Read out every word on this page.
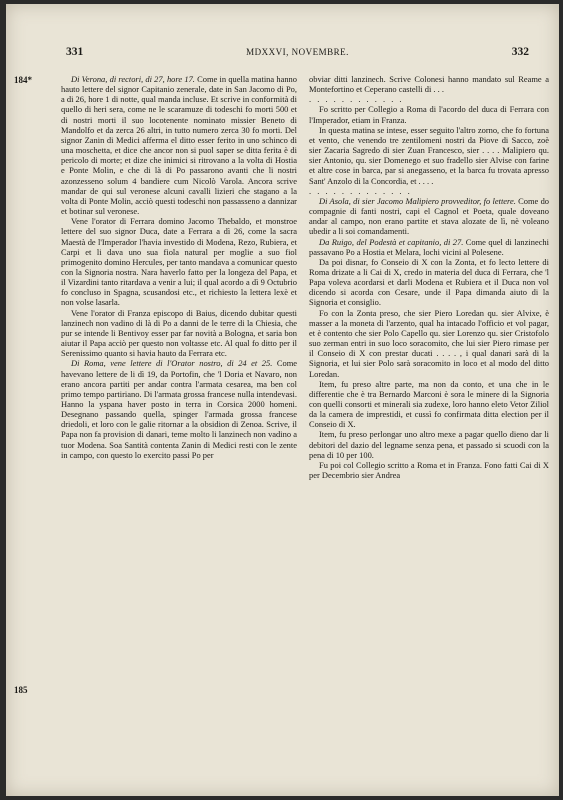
331	MDXXVI, NOVEMBRE.	332
184*
185

Di Verona, di rectori, di 27, hore 17. Come in quella matina hanno hauto lettere del signor Capitanio zenerale, date in San Jacomo di Po, a di 26, hore 1 di notte, qual manda incluse. Et scrive in conformità di quello di heri sera, come ne le scaramuze di todeschi fo morti 500 et di nostri morti il suo locotenente nominato missier Beneto di Mandolfo et da zerca 26 altri, in tutto numero zerca 30 fo morti. Del signor Zanin di Medici afferma el ditto esser ferito in uno schinco di una moschetta, et dice che ancor non si puol saper se ditta ferita è di pericolo di morte; et dize che inimici si ritrovano a la volta di Hostia e Ponte Molin, e che di là di Po passarono avanti che li nostri azonzesseno solum 4 bandiere cum Nicolò Varola. Ancora scrive mandar de qui sul veronese alcuni cavalli lizieri che stagano a la volta di Ponte Molin, acciò questi todeschi non passasseno a dannizar et botinar sul veronese.

Vene l'orator di Ferrara domino Jacomo Thebaldo, et monstroe lettere del suo signor Duca, date a Ferrara a dì 26, come la sacra Maestà de l'Imperador l'havia investido di Modena, Rezo, Rubiera, et Carpi et li dava uno sua fiola natural per moglie a suo fiol primogenito domino Hercules, per tanto mandava a comunicar questo con la Signoria nostra. Nara haverlo fatto per la longeza del Papa, et il Vizardini tanto ritardava a venir a lui; il qual acordo a dì 9 Octubrio fo concluso in Spagna, scusandosi etc., et richiesto la lettera lexè et non volse lasarla.

Vene l'orator di Franza episcopo di Baius, dicendo dubitar questi lanzinech non vadino di là di Po a danni de le terre di la Chiesia, che pur se intende li Bentivoy esser par far novità a Bologna, et saria bon aiutar il Papa acciò per questo non voltasse etc. Al qual fo ditto per il Serenissimo quanto si havia hauto da Ferrara etc.

Di Roma, vene lettere di l'Orator nostro, di 24 et 25. Come havevano lettere de li dì 19, da Portofin, che 'l Doria et Navaro, non erano ancora partiti per andar contra l'armata cesarea, ma ben col primo tempo partiriano. Di l'armata grossa francese nulla intendevasi. Hanno la yspana haver posto in terra in Corsica 2000 homeni. Desegnano passando quella, spinger l'armada grossa francese driedoli, et loro con le galie ritornar a la obsidion di Zenoa. Scrive, il Papa non fa provision di danari, teme molto li lanzinech non vadino a tuor Modena. Soa Santità contenta Zanin di Medici resti con le zente in campo, con questo lo exercito passi Po per

obviar ditti lanzinech. Scrive Colonesi hanno mandato sul Reame a Montefortino et Ceperano castelli di . . .
. . . . . . . . . . . .

Fo scritto per Collegio a Roma di l'acordo del duca di Ferrara con l'Imperador, etiam in Franza.

In questa matina se intese, esser seguito l'altro zorno, che fo fortuna et vento, che venendo tre zentilomeni nostri da Piove di Sacco, zoè sier Zacaria Sagredo di sier Zuan Francesco, sier . . . . Malipiero qu. sier Antonio, qu. sier Domenego et suo fradello sier Alvise con farine et altre cose in barca, par si anegasseno, et la barca fu trovata apresso Sant' Anzolo di la Concordia, et . . . .
. . . . . . . . . . . . .

Di Asola, di sier Jacomo Malipiero provveditor, fo lettere. Come do compagnie di fanti nostri, capi el Cagnol et Poeta, quale doveano andar al campo, non erano partite et stava alozate de lì, nè voleano ubedir a li soi comandamenti.

Da Ruigo, del Podestà et capitanio, di 27. Come quel di lanzinechi passavano Po a Hostia et Melara, lochi vicini al Polesene.

Da poi disnar, fo Conseio di X con la Zonta, et fo lecto lettere di Roma drizate a li Cai di X, credo in materia del duca di Ferrara, che 'l Papa voleva acordarsi et darli Modena et Rubiera et il Duca non vol dicendo si acorda con Cesare, unde il Papa dimanda aiuto di la Signoria et consiglio.

Fo con la Zonta preso, che sier Piero Loredan qu. sier Alvixe, è masser a la moneta di l'arzento, qual ha intacado l'officio et vol pagar, et è contento che sier Polo Capello qu. sier Lorenzo qu. sier Cristofolo suo zerman entri in suo loco soracomito, che lui sier Piero rimase per il Conseio di X con prestar ducati . . . . , i qual danari sarà di la Signoria, et lui sier Polo sarà soracomito in loco et al modo del ditto Loredan.

Item, fu preso altre parte, ma non da conto, et una che in le differentie che è tra Bernardo Marconi è sora le minere di la Signoria con quelli consorti et minerali sia zudexe, loro hanno eleto Vetor Ziliol da la camera de imprestidi, et cussì fo confirmata ditta election per il Conseio di X.

Item, fu preso perlongar uno altro mexe a pagar quello dieno dar li debitori del dazio del legname senza pena, et passado si scuodi con la pena di 10 per 100.

Fu poi col Collegio scritto a Roma et in Franza. Fono fatti Cai di X per Decembrio sier Andrea
